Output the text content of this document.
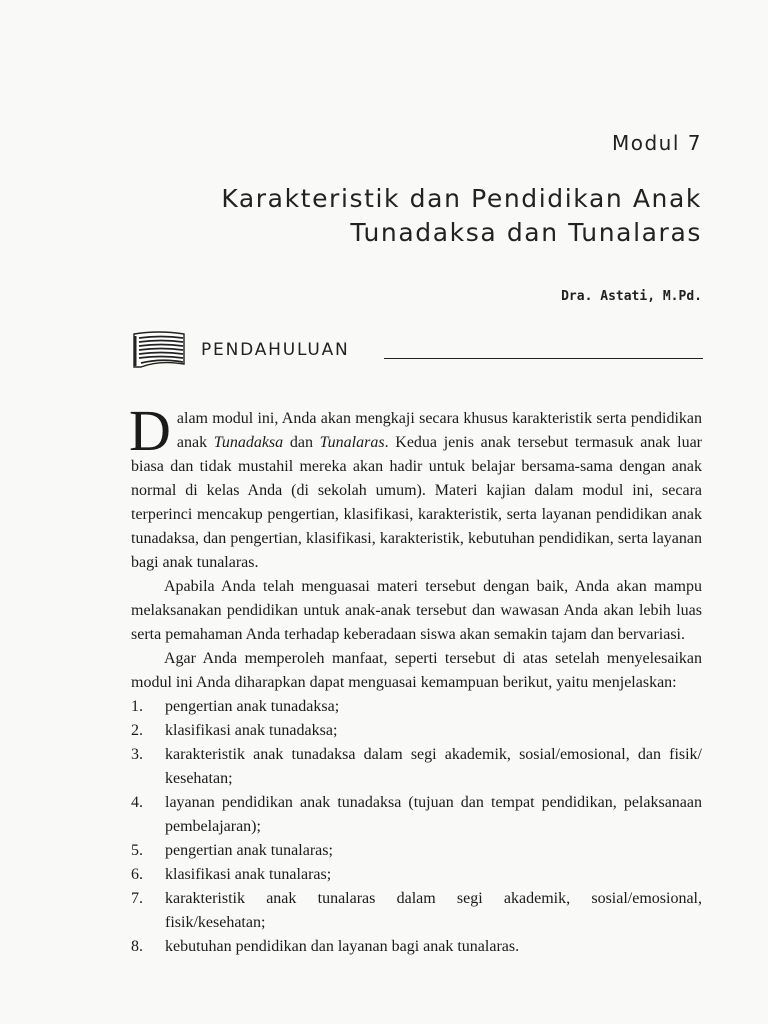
Modul 7
Karakteristik dan Pendidikan Anak
Tunadaksa dan Tunalaras
Dra. Astati, M.Pd.
PENDAHULUAN

Dalam modul ini, Anda akan mengkaji secara khusus karakteristik serta pendidikan anak Tunadaksa dan Tunalaras. Kedua jenis anak tersebut termasuk anak luar biasa dan tidak mustahil mereka akan hadir untuk belajar bersama-sama dengan anak normal di kelas Anda (di sekolah umum). Materi kajian dalam modul ini, secara terperinci mencakup pengertian, klasifikasi, karakteristik, serta layanan pendidikan anak tunadaksa, dan pengertian, klasifikasi, karakteristik, kebutuhan pendidikan, serta layanan bagi anak tunalaras.

Apabila Anda telah menguasai materi tersebut dengan baik, Anda akan mampu melaksanakan pendidikan untuk anak-anak tersebut dan wawasan Anda akan lebih luas serta pemahaman Anda terhadap keberadaan siswa akan semakin tajam dan bervariasi.

Agar Anda memperoleh manfaat, seperti tersebut di atas setelah menyelesaikan modul ini Anda diharapkan dapat menguasai kemampuan berikut, yaitu menjelaskan:

1. pengertian anak tunadaksa;
2. klasifikasi anak tunadaksa;
3. karakteristik anak tunadaksa dalam segi akademik, sosial/emosional, dan fisik/ kesehatan;
4. layanan pendidikan anak tunadaksa (tujuan dan tempat pendidikan, pelaksanaan pembelajaran);
5. pengertian anak tunalaras;
6. klasifikasi anak tunalaras;
7. karakteristik anak tunalaras dalam segi akademik, sosial/emosional, fisik/kesehatan;
8. kebutuhan pendidikan dan layanan bagi anak tunalaras.
